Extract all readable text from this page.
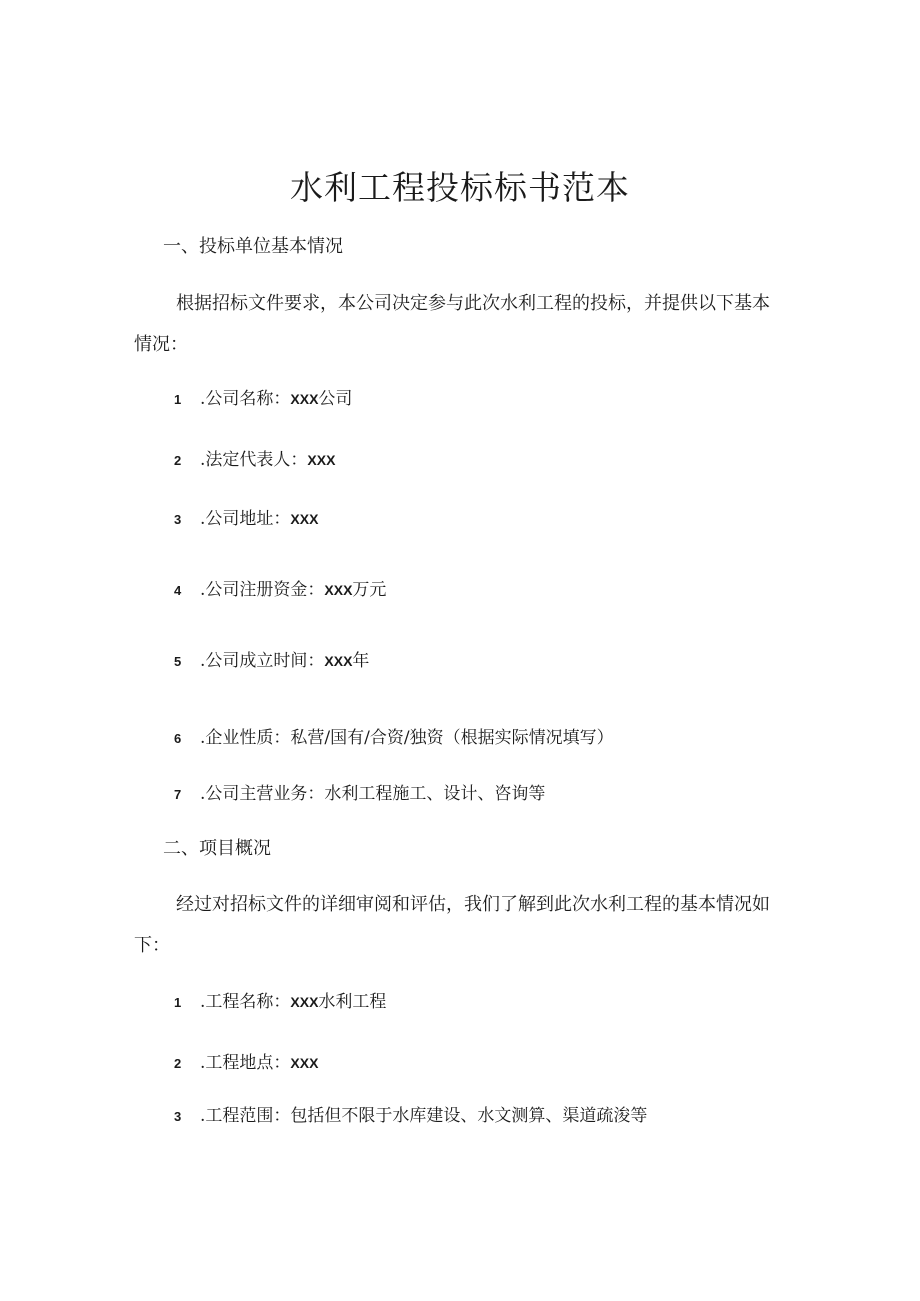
水利工程投标标书范本
一、投标单位基本情况
根据招标文件要求，本公司决定参与此次水利工程的投标，并提供以下基本
情况：
1 .公司名称：XXX公司
2 .法定代表人：XXX
3 .公司地址：XXX
4 .公司注册资金：XXX万元
5 .公司成立时间：XXX年
6 .企业性质：私营/国有/合资/独资（根据实际情况填写）
7 .公司主营业务：水利工程施工、设计、咨询等
二、项目概况
经过对招标文件的详细审阅和评估，我们了解到此次水利工程的基本情况如
下：
1 .工程名称：XXX水利工程
2 .工程地点：XXX
3 .工程范围：包括但不限于水库建设、水文测算、渠道疏浚等
